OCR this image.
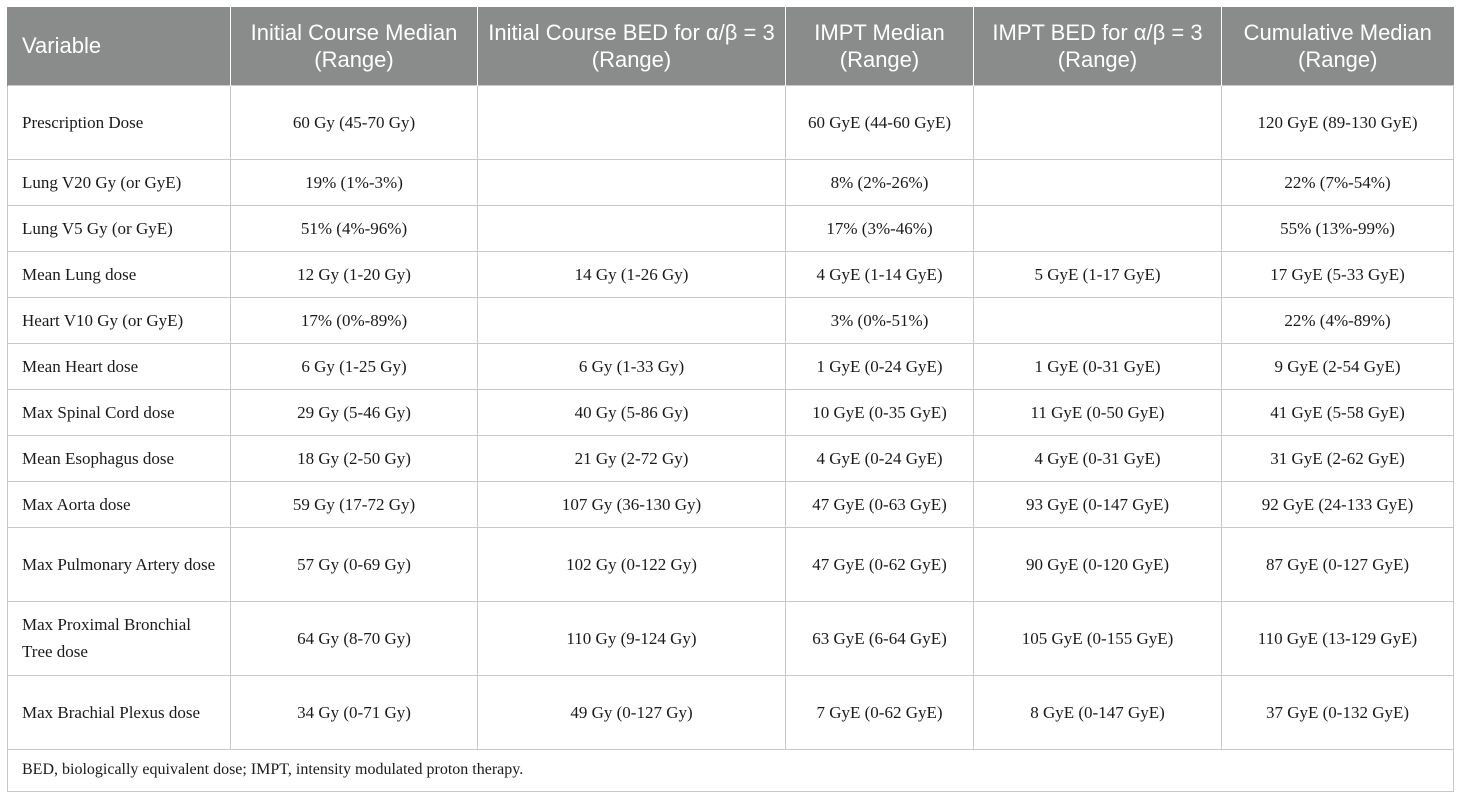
Variable	Initial Course Median (Range)	Initial Course BED for α/β = 3 (Range)	IMPT Median (Range)	IMPT BED for α/β = 3 (Range)	Cumulative Median (Range)
Prescription Dose	60 Gy (45-70 Gy)		60 GyE (44-60 GyE)		120 GyE (89-130 GyE)
Lung V20 Gy (or GyE)	19% (1%-3%)		8% (2%-26%)		22% (7%-54%)
Lung V5 Gy (or GyE)	51% (4%-96%)		17% (3%-46%)		55% (13%-99%)
Mean Lung dose	12 Gy (1-20 Gy)	14 Gy (1-26 Gy)	4 GyE (1-14 GyE)	5 GyE (1-17 GyE)	17 GyE (5-33 GyE)
Heart V10 Gy (or GyE)	17% (0%-89%)		3% (0%-51%)		22% (4%-89%)
Mean Heart dose	6 Gy (1-25 Gy)	6 Gy (1-33 Gy)	1 GyE (0-24 GyE)	1 GyE (0-31 GyE)	9 GyE (2-54 GyE)
Max Spinal Cord dose	29 Gy (5-46 Gy)	40 Gy (5-86 Gy)	10 GyE (0-35 GyE)	11 GyE (0-50 GyE)	41 GyE (5-58 GyE)
Mean Esophagus dose	18 Gy (2-50 Gy)	21 Gy (2-72 Gy)	4 GyE (0-24 GyE)	4 GyE (0-31 GyE)	31 GyE (2-62 GyE)
Max Aorta dose	59 Gy (17-72 Gy)	107 Gy (36-130 Gy)	47 GyE (0-63 GyE)	93 GyE (0-147 GyE)	92 GyE (24-133 GyE)
Max Pulmonary Artery dose	57 Gy (0-69 Gy)	102 Gy (0-122 Gy)	47 GyE (0-62 GyE)	90 GyE (0-120 GyE)	87 GyE (0-127 GyE)
Max Proximal Bronchial Tree dose	64 Gy (8-70 Gy)	110 Gy (9-124 Gy)	63 GyE (6-64 GyE)	105 GyE (0-155 GyE)	110 GyE (13-129 GyE)
Max Brachial Plexus dose	34 Gy (0-71 Gy)	49 Gy (0-127 Gy)	7 GyE (0-62 GyE)	8 GyE (0-147 GyE)	37 GyE (0-132 GyE)
BED, biologically equivalent dose; IMPT, intensity modulated proton therapy.					
